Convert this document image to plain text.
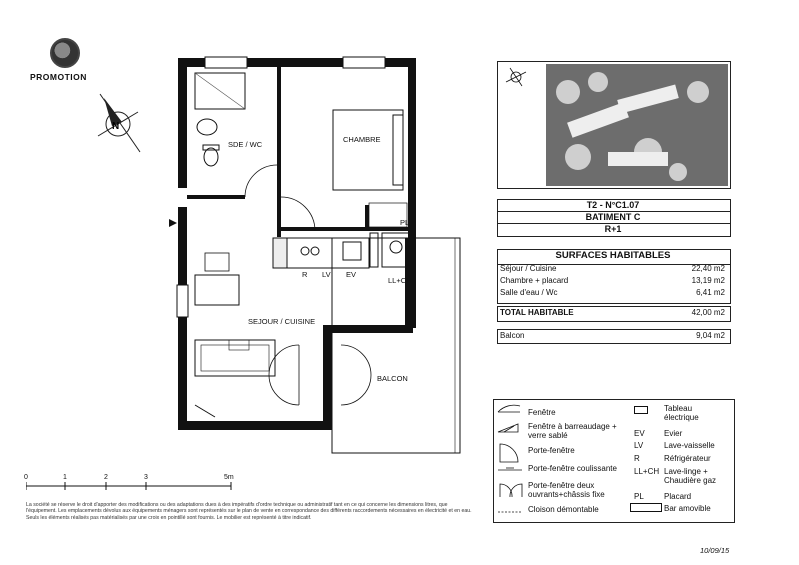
PROMOTION
N
SDE / WC
CHAMBRE
PL
R LV EV
LL+CH
SEJOUR / CUISINE
BALCON
0	1	2	3	5m
T2 - N°C1.07
BATIMENT C
R+1
SURFACES HABITABLES
Séjour / Cuisine	22,40 m2
Chambre + placard	13,19 m2
Salle d'eau / Wc	6,41 m2
TOTAL HABITABLE	42,00 m2
Balcon	9,04 m2
Fenêtre
Fenêtre à barreaudage + verre sablé
Porte-fenêtre
Porte-fenêtre coulissante
Porte-fenêtre deux ouvrants+châssis fixe
Cloison démontable
Tableau électrique
EV Evier
LV	Lave-vaisselle
R	Réfrigérateur
LL+CH Lave-linge + Chaudière gaz
PL	Placard
Bar amovible
La société se réserve le droit d'apporter des modifications ou des adaptations dues à des impératifs d'ordre technique ou administratif tant en ce qui concerne les dimensions litres, que l'équipement. Les emplacements dévolus aux équipements ménagers sont représentés sur le plan de vente en correspondance des différents raccordements nécessaires en électricité et en eau. Seuls les éléments réalisés pas matérialisés par une croix en pointillé sont fournis. Le mobilier est représenté à titre indicatif.
10/09/15
